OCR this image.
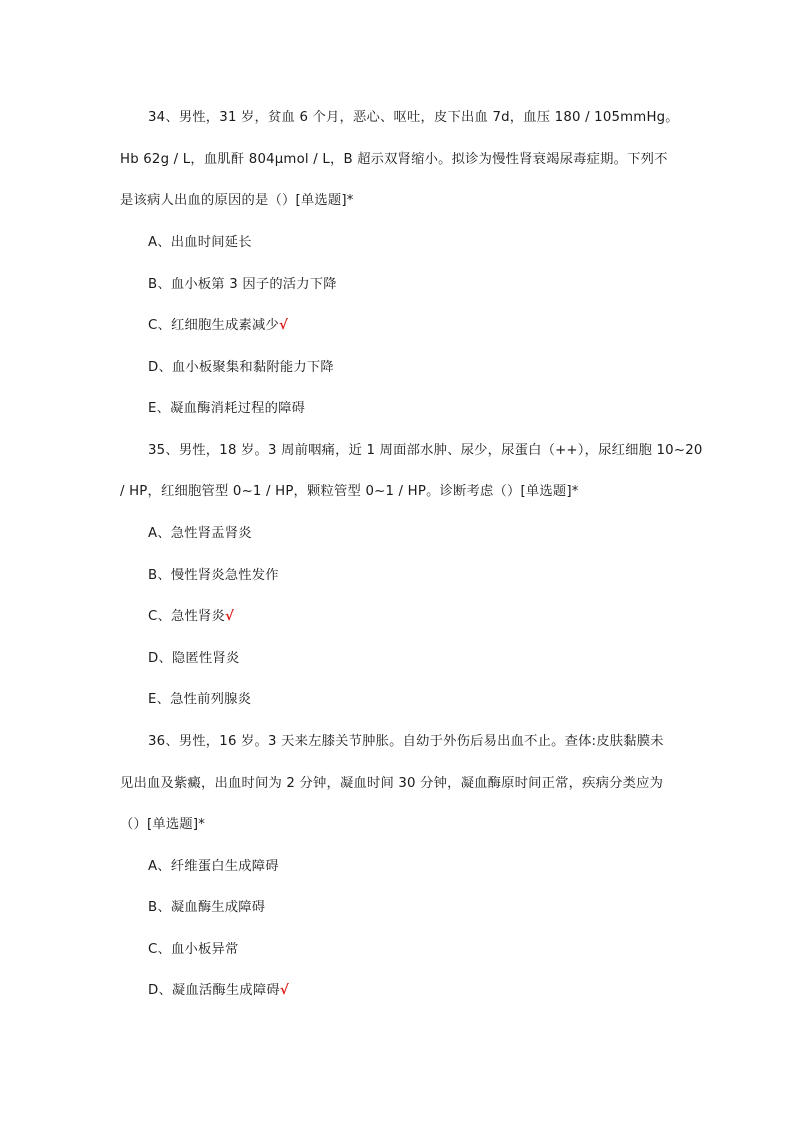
34、男性，31 岁，贫血 6 个月，恶心、呕吐，皮下出血 7d，血压 180 / 105mmHg。
Hb 62g / L，血肌酐 804μmol / L，B 超示双肾缩小。拟诊为慢性肾衰竭尿毒症期。下列不
是该病人出血的原因的是（）[单选题]*
A、出血时间延长
B、血小板第 3 因子的活力下降
C、红细胞生成素减少√
D、血小板聚集和黏附能力下降
E、凝血酶消耗过程的障碍
35、男性，18 岁。3 周前咽痛，近 1 周面部水肿、尿少，尿蛋白（++），尿红细胞 10~20
/ HP，红细胞管型 0~1 / HP，颗粒管型 0~1 / HP。诊断考虑（）[单选题]*
A、急性肾盂肾炎
B、慢性肾炎急性发作
C、急性肾炎√
D、隐匿性肾炎
E、急性前列腺炎
36、男性，16 岁。3 天来左膝关节肿胀。自幼于外伤后易出血不止。查体:皮肤黏膜未
见出血及紫癜，出血时间为 2 分钟，凝血时间 30 分钟，凝血酶原时间正常，疾病分类应为
（）[单选题]*
A、纤维蛋白生成障碍
B、凝血酶生成障碍
C、血小板异常
D、凝血活酶生成障碍√
